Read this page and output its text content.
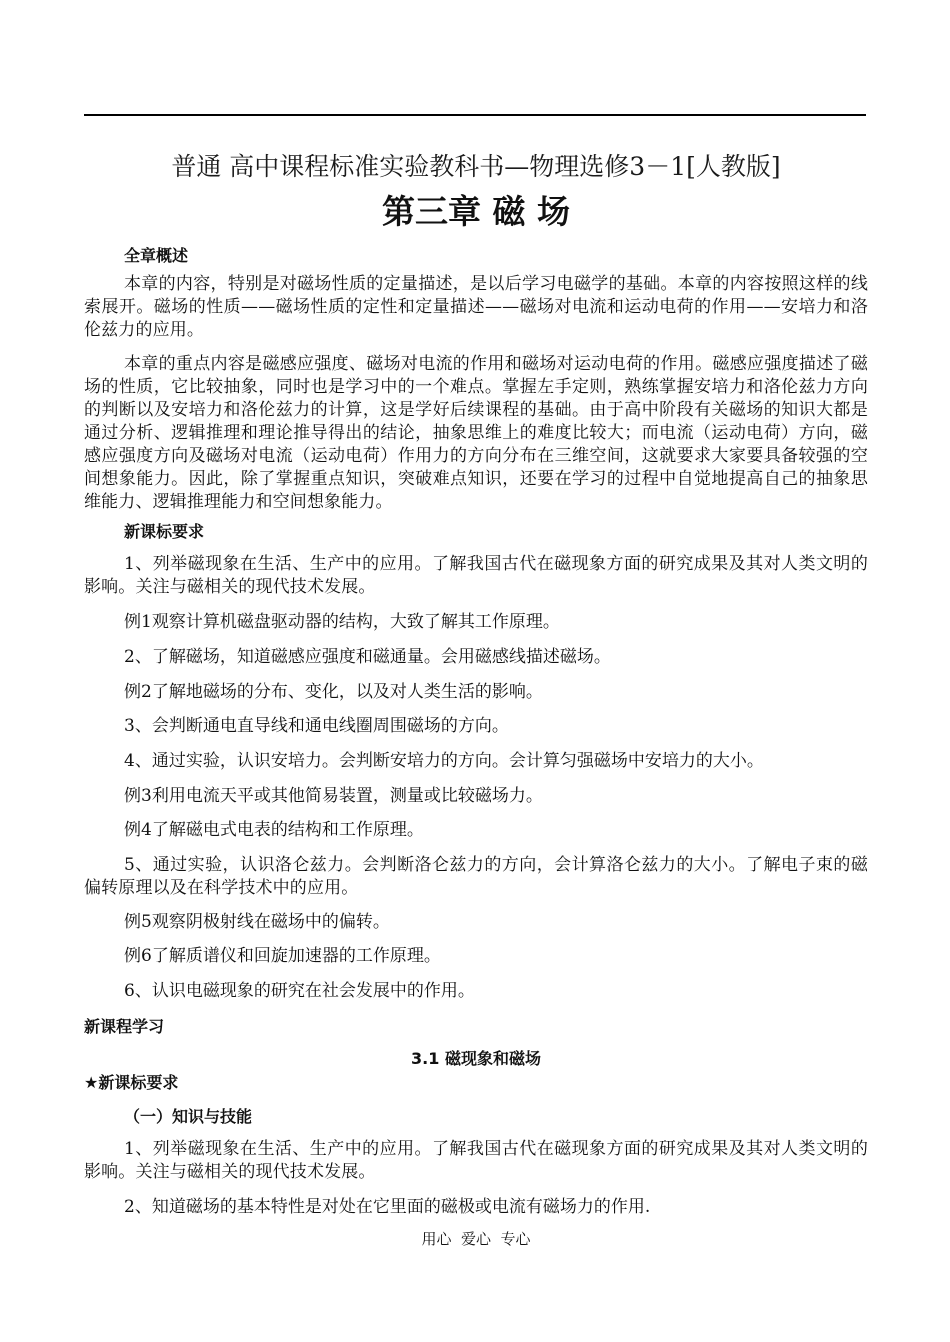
普通 高中课程标准实验教科书—物理选修3－1[人教版]
第三章 磁 场
全章概述
本章的内容，特别是对磁场性质的定量描述，是以后学习电磁学的基础。本章的内容按照这样的线索展开。磁场的性质——磁场性质的定性和定量描述——磁场对电流和运动电荷的作用——安培力和洛伦兹力的应用。
本章的重点内容是磁感应强度、磁场对电流的作用和磁场对运动电荷的作用。磁感应强度描述了磁场的性质，它比较抽象，同时也是学习中的一个难点。掌握左手定则，熟练掌握安培力和洛伦兹力方向的判断以及安培力和洛伦兹力的计算，这是学好后续课程的基础。由于高中阶段有关磁场的知识大都是通过分析、逻辑推理和理论推导得出的结论，抽象思维上的难度比较大；而电流（运动电荷）方向，磁感应强度方向及磁场对电流（运动电荷）作用力的方向分布在三维空间，这就要求大家要具备较强的空间想象能力。因此，除了掌握重点知识，突破难点知识，还要在学习的过程中自觉地提高自己的抽象思维能力、逻辑推理能力和空间想象能力。
新课标要求
1、列举磁现象在生活、生产中的应用。了解我国古代在磁现象方面的研究成果及其对人类文明的影响。关注与磁相关的现代技术发展。
例1观察计算机磁盘驱动器的结构，大致了解其工作原理。
2、了解磁场，知道磁感应强度和磁通量。会用磁感线描述磁场。
例2了解地磁场的分布、变化，以及对人类生活的影响。
3、会判断通电直导线和通电线圈周围磁场的方向。
4、通过实验，认识安培力。会判断安培力的方向。会计算匀强磁场中安培力的大小。
例3利用电流天平或其他简易装置，测量或比较磁场力。
例4了解磁电式电表的结构和工作原理。
5、通过实验，认识洛仑兹力。会判断洛仑兹力的方向，会计算洛仑兹力的大小。了解电子束的磁偏转原理以及在科学技术中的应用。
例5观察阴极射线在磁场中的偏转。
例6了解质谱仪和回旋加速器的工作原理。
6、认识电磁现象的研究在社会发展中的作用。
新课程学习
3.1 磁现象和磁场
★新课标要求
（一）知识与技能
1、列举磁现象在生活、生产中的应用。了解我国古代在磁现象方面的研究成果及其对人类文明的影响。关注与磁相关的现代技术发展。
2、知道磁场的基本特性是对处在它里面的磁极或电流有磁场力的作用.
用心  爱心  专心
